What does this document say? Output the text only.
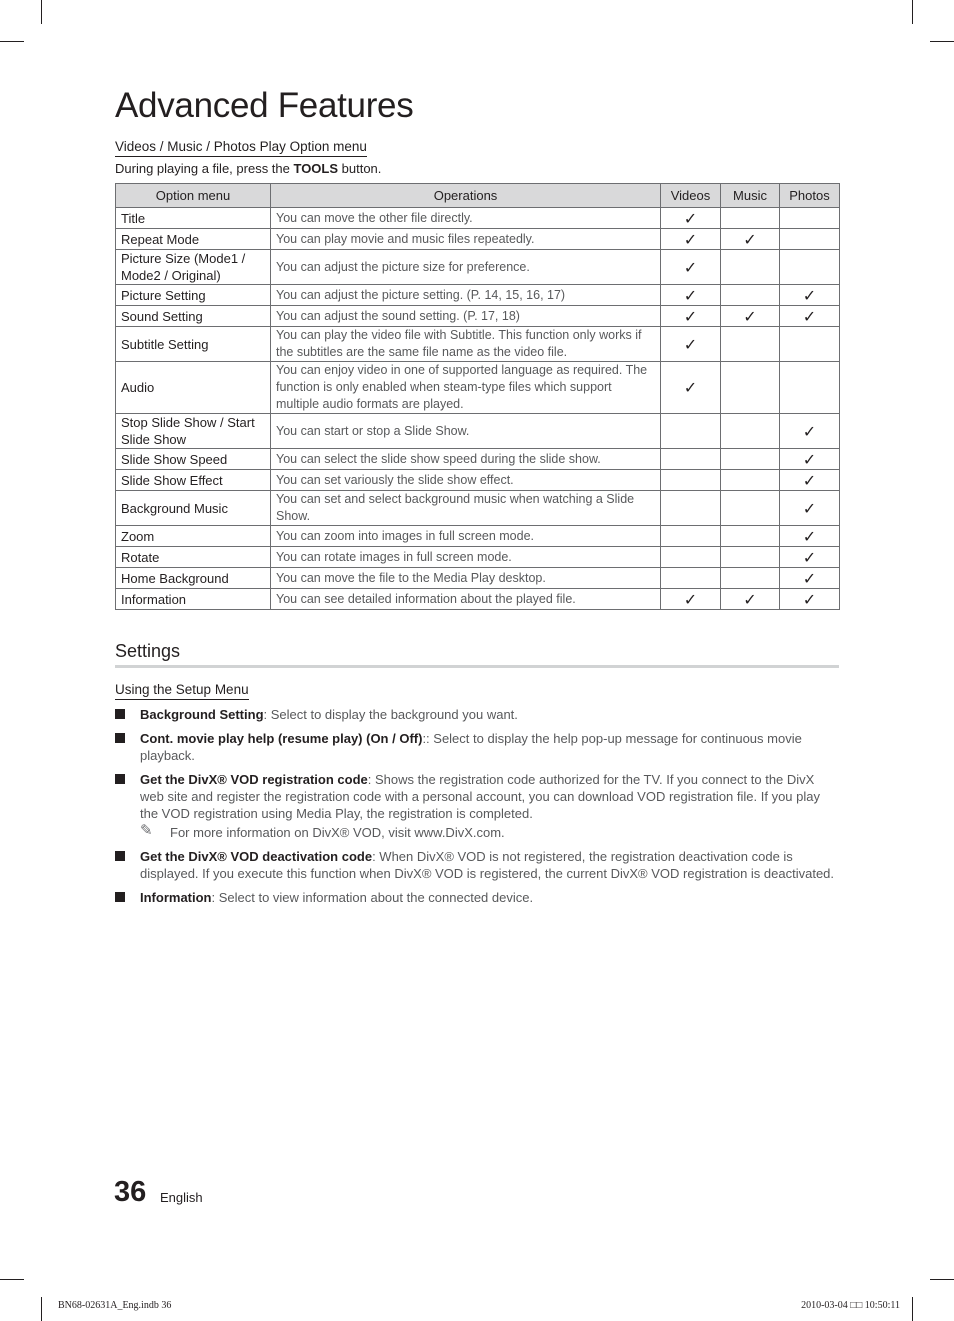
Advanced Features
Videos / Music / Photos Play Option menu
During playing a file, press the TOOLS button.
Option menu	Operations	Videos	Music	Photos
Title	You can move the other file directly.	✓		
Repeat Mode	You can play movie and music files repeatedly.	✓	✓	
Picture Size (Mode1 / Mode2 / Original)	You can adjust the picture size for preference.	✓		
Picture Setting	You can adjust the picture setting. (P. 14, 15, 16, 17)	✓		✓
Sound Setting	You can adjust the sound setting. (P. 17, 18)	✓	✓	✓
Subtitle Setting	You can play the video file with Subtitle. This function only works if the subtitles are the same file name as the video file.	✓		
Audio	You can enjoy video in one of supported language as required. The function is only enabled when steam-type files which support multiple audio formats are played.	✓		
Stop Slide Show / Start Slide Show	You can start or stop a Slide Show.			✓
Slide Show Speed	You can select the slide show speed during the slide show.			✓
Slide Show Effect	You can set variously the slide show effect.			✓
Background Music	You can set and select background music when watching a Slide Show.			✓
Zoom	You can zoom into images in full screen mode.			✓
Rotate	You can rotate images in full screen mode.			✓
Home Background	You can move the file to the Media Play desktop.			✓
Information	You can see detailed information about the played file.	✓	✓	✓
Settings
Using the Setup Menu
Background Setting: Select to display the background you want.
Cont. movie play help (resume play) (On / Off):: Select to display the help pop-up message for continuous movie playback.
Get the DivX® VOD registration code: Shows the registration code authorized for the TV. If you connect to the DivX web site and register the registration code with a personal account, you can download VOD registration file. If you play the VOD registration using Media Play, the registration is completed.
✎ For more information on DivX® VOD, visit www.DivX.com.
Get the DivX® VOD deactivation code: When DivX® VOD is not registered, the registration deactivation code is displayed. If you execute this function when DivX® VOD is registered, the current DivX® VOD registration is deactivated.
Information: Select to view information about the connected device.
36 English
BN68-02631A_Eng.indb 36	2010-03-04 □□ 10:50:11
